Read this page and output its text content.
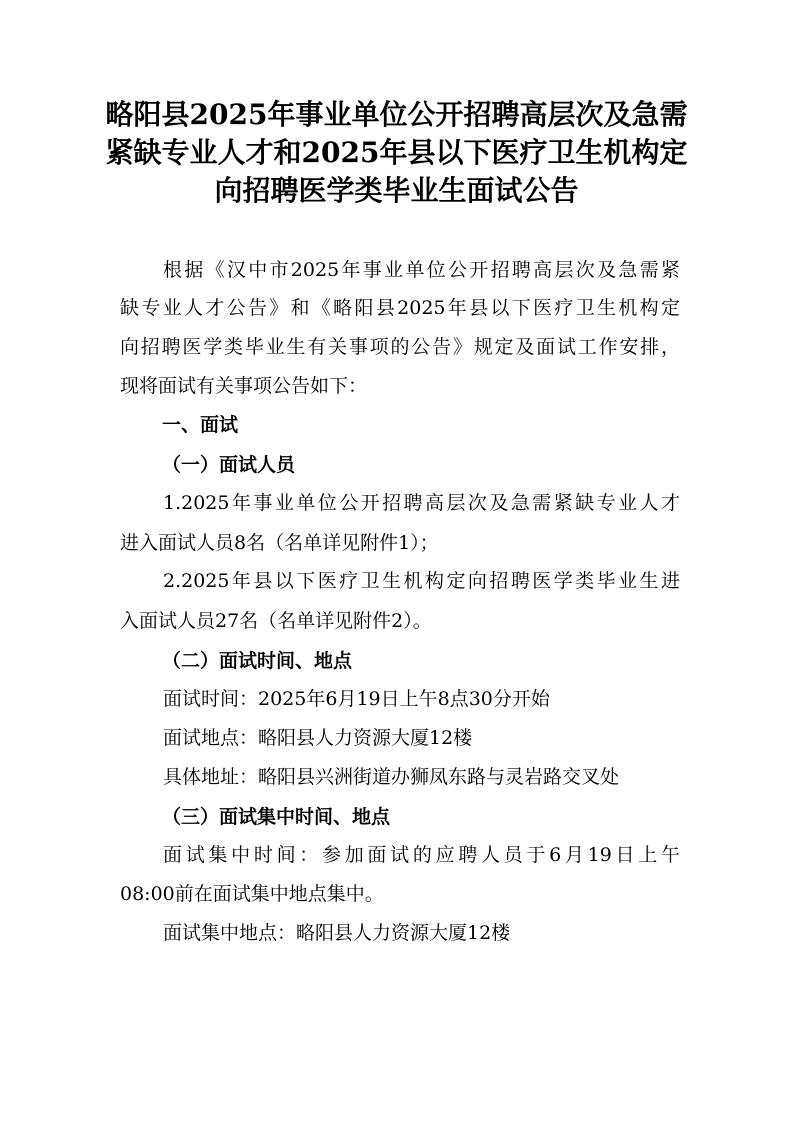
略阳县2025年事业单位公开招聘高层次及急需紧缺专业人才和2025年县以下医疗卫生机构定向招聘医学类毕业生面试公告
根据《汉中市2025年事业单位公开招聘高层次及急需紧
缺专业人才公告》和《略阳县2025年县以下医疗卫生机构定
向招聘医学类毕业生有关事项的公告》规定及面试工作安排，
现将面试有关事项公告如下：
一、面试
（一）面试人员
1.2025年事业单位公开招聘高层次及急需紧缺专业人才
进入面试人员8名（名单详见附件1）；
2.2025年县以下医疗卫生机构定向招聘医学类毕业生进
入面试人员27名（名单详见附件2）。
（二）面试时间、地点
面试时间：2025年6月19日上午8点30分开始
面试地点：略阳县人力资源大厦12楼
具体地址：略阳县兴洲街道办狮凤东路与灵岩路交叉处
（三）面试集中时间、地点
面试集中时间：参加面试的应聘人员于6月19日上午
08:00前在面试集中地点集中。
面试集中地点：略阳县人力资源大厦12楼
